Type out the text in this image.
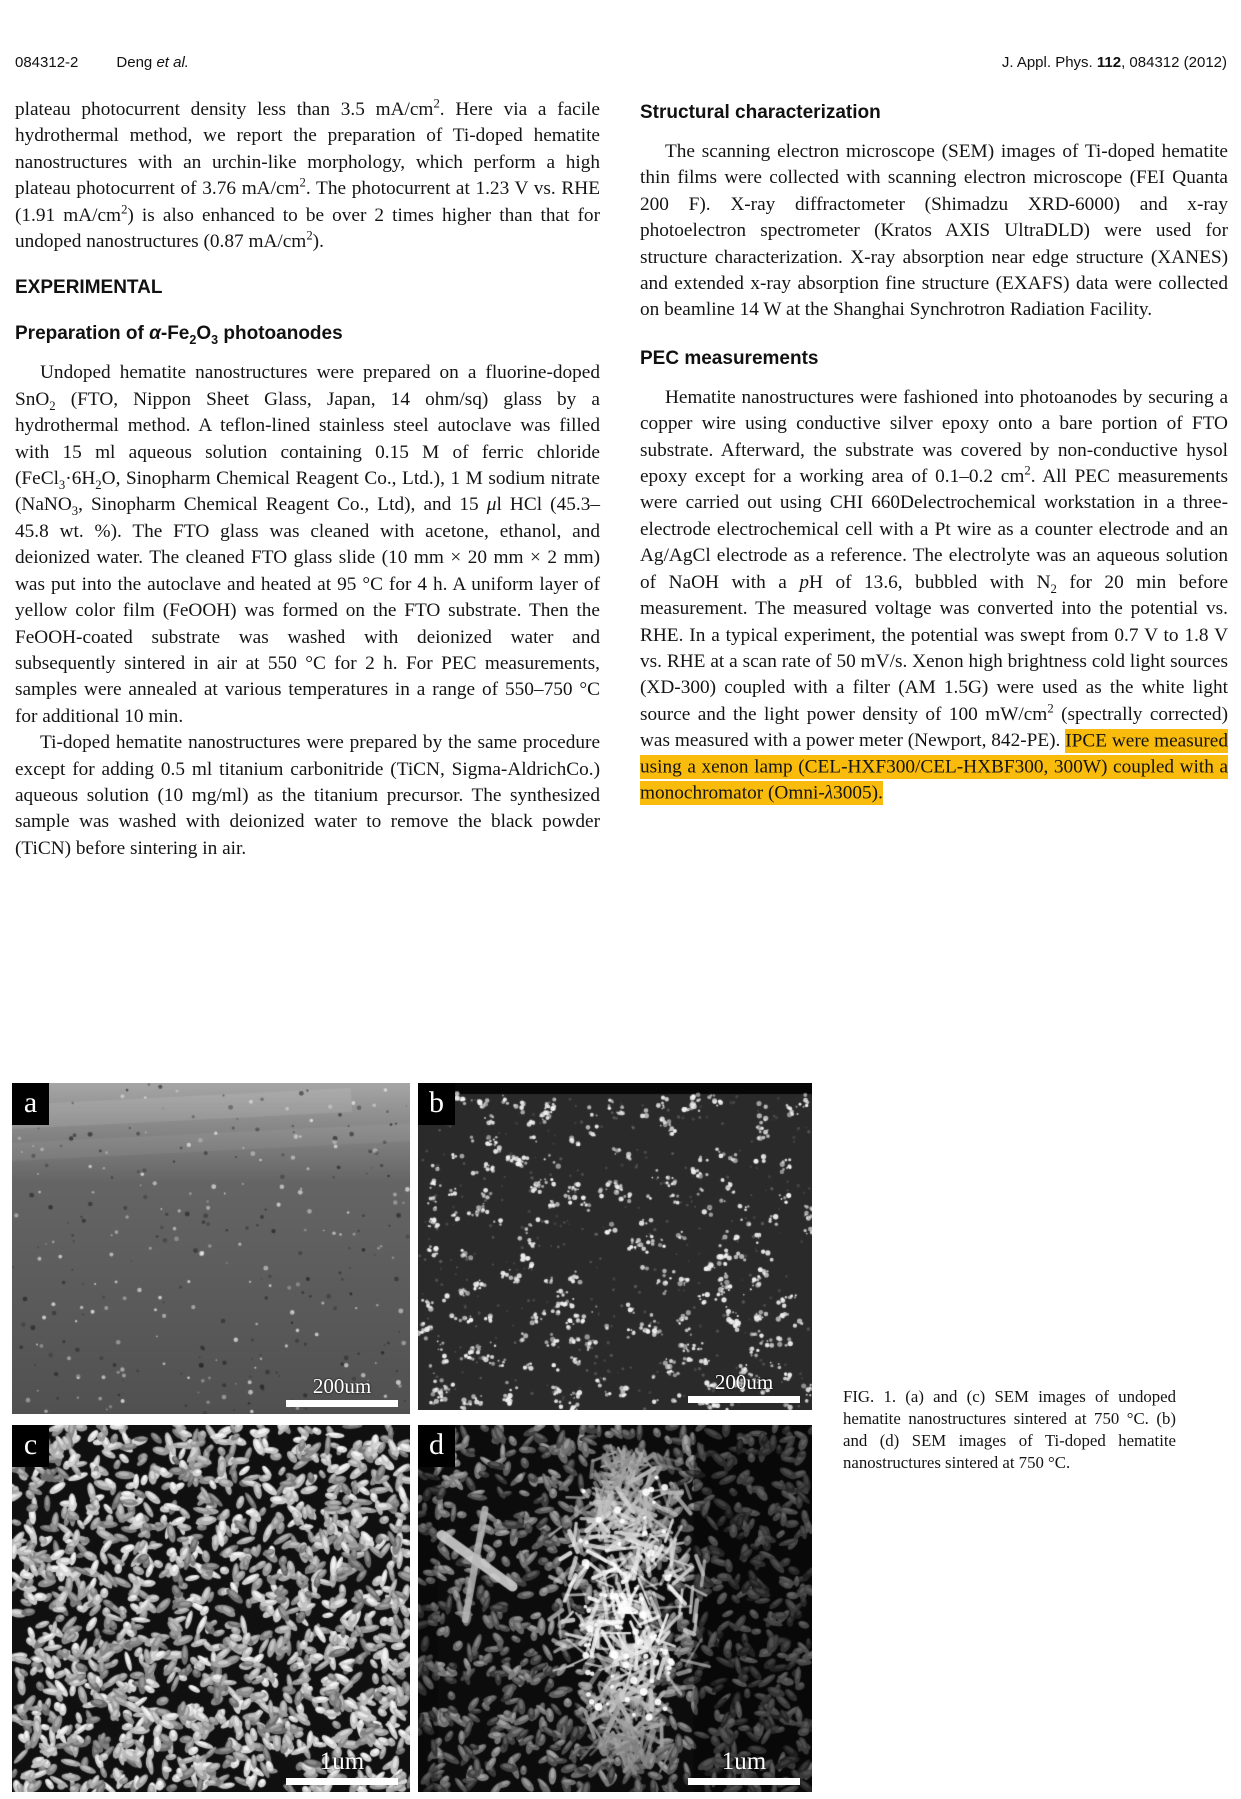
084312-2	Deng et al.	J. Appl. Phys. 112, 084312 (2012)

plateau photocurrent density less than 3.5 $mA/cm^2$. Here via a facile hydrothermal method, we report the preparation of Ti-doped hematite nanostructures with an urchin-like morphology, which perform a high plateau photocurrent of 3.76 $mA/cm^2$. The photocurrent at 1.23 V vs. RHE (1.91 $mA/cm^2$) is also enhanced to be over 2 times higher than that for undoped nanostructures (0.87 $mA/cm^2$).

EXPERIMENTAL
Preparation of $\alpha-Fe_2O_3$ photoanodes

Undoped hematite nanostructures were prepared on a fluorine-doped SnO$_2$ (FTO, Nippon Sheet Glass, Japan, 14 ohm/sq) glass by a hydrothermal method. A teflon-lined stainless steel autoclave was filled with 15 ml aqueous solution containing 0.15 M of ferric chloride ($FeCl_3\cdot 6H_2O$, Sinopharm Chemical Reagent Co., Ltd.), 1 M sodium nitrate (NaNO$_3$, Sinopharm Chemical Reagent Co., Ltd), and 15 μl HCl (45.3–45.8 wt. %). The FTO glass was cleaned with acetone, ethanol, and deionized water. The cleaned FTO glass slide (10 mm × 20 mm × 2 mm) was put into the autoclave and heated at 95 °C for 4 h. A uniform layer of yellow color film (FeOOH) was formed on the FTO substrate. Then the FeOOH-coated substrate was washed with deionized water and subsequently sintered in air at 550 °C for 2 h. For PEC measurements, samples were annealed at various temperatures in a range of 550–750 °C for additional 10 min.

Ti-doped hematite nanostructures were prepared by the same procedure except for adding 0.5 ml titanium carbonitride (TiCN, Sigma-AldrichCo.) aqueous solution (10 mg/ml) as the titanium precursor. The synthesized sample was washed with deionized water to remove the black powder (TiCN) before sintering in air.

Structural characterization

The scanning electron microscope (SEM) images of Ti-doped hematite thin films were collected with scanning electron microscope (FEI Quanta 200 F). X-ray diffractometer (Shimadzu XRD-6000) and x-ray photoelectron spectrometer (Kratos AXIS UltraDLD) were used for structure characterization. X-ray absorption near edge structure (XANES) and extended x-ray absorption fine structure (EXAFS) data were collected on beamline 14 W at the Shanghai Synchrotron Radiation Facility.

PEC measurements

Hematite nanostructures were fashioned into photoanodes by securing a copper wire using conductive silver epoxy onto a bare portion of FTO substrate. Afterward, the substrate was covered by non-conductive hysol epoxy except for a working area of 0.1–0.2 $cm^2$. All PEC measurements were carried out using CHI 660Delectrochemical workstation in a three-electrode electrochemical cell with a Pt wire as a counter electrode and an Ag/AgCl electrode as a reference. The electrolyte was an aqueous solution of NaOH with a pH of 13.6, bubbled with $N_2$ for 20 min before measurement. The measured voltage was converted into the potential vs. RHE. In a typical experiment, the potential was swept from 0.7 V to 1.8 V vs. RHE at a scan rate of 50 mV/s. Xenon high brightness cold light sources (XD-300) coupled with a filter (AM 1.5G) were used as the white light source and the light power density of 100 $mW/cm^2$ (spectrally corrected) was measured with a power meter (Newport, 842-PE). IPCE were measured using a xenon lamp (CEL-HXF300/CEL-HXBF300, 300W) coupled with a monochromator (Omni-λ3005).

a
200um
b
200um
c
1um
d
1um
FIG. 1. (a) and (c) SEM images of undoped hematite nanostructures sintered at 750 °C. (b) and (d) SEM images of Ti-doped hematite nanostructures sintered at 750 °C.
